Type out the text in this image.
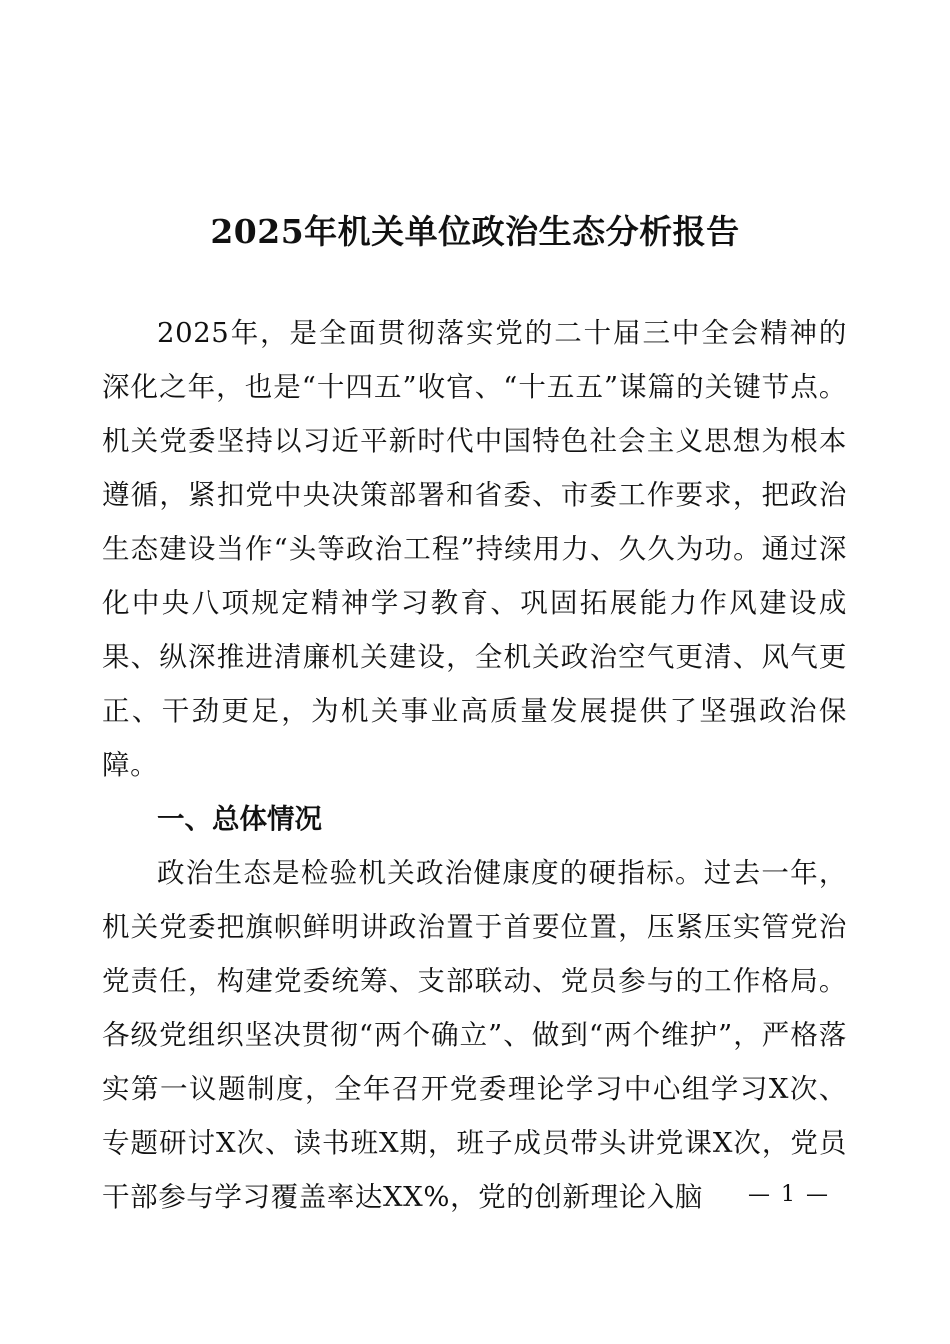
2025年机关单位政治生态分析报告

2025年，是全面贯彻落实党的二十届三中全会精神的深化之年，也是“十四五”收官、“十五五”谋篇的关键节点。机关党委坚持以习近平新时代中国特色社会主义思想为根本遵循，紧扣党中央决策部署和省委、市委工作要求，把政治生态建设当作“头等政治工程”持续用力、久久为功。通过深化中央八项规定精神学习教育、巩固拓展能力作风建设成果、纵深推进清廉机关建设，全机关政治空气更清、风气更正、干劲更足，为机关事业高质量发展提供了坚强政治保障。

一、总体情况

政治生态是检验机关政治健康度的硬指标。过去一年，机关党委把旗帜鲜明讲政治置于首要位置，压紧压实管党治党责任，构建党委统筹、支部联动、党员参与的工作格局。各级党组织坚决贯彻“两个确立”、做到“两个维护”，严格落实第一议题制度，全年召开党委理论学习中心组学习X次、专题研讨X次、读书班X期，班子成员带头讲党课X次，党员干部参与学习覆盖率达XX%，党的创新理论入脑	— 1 —
